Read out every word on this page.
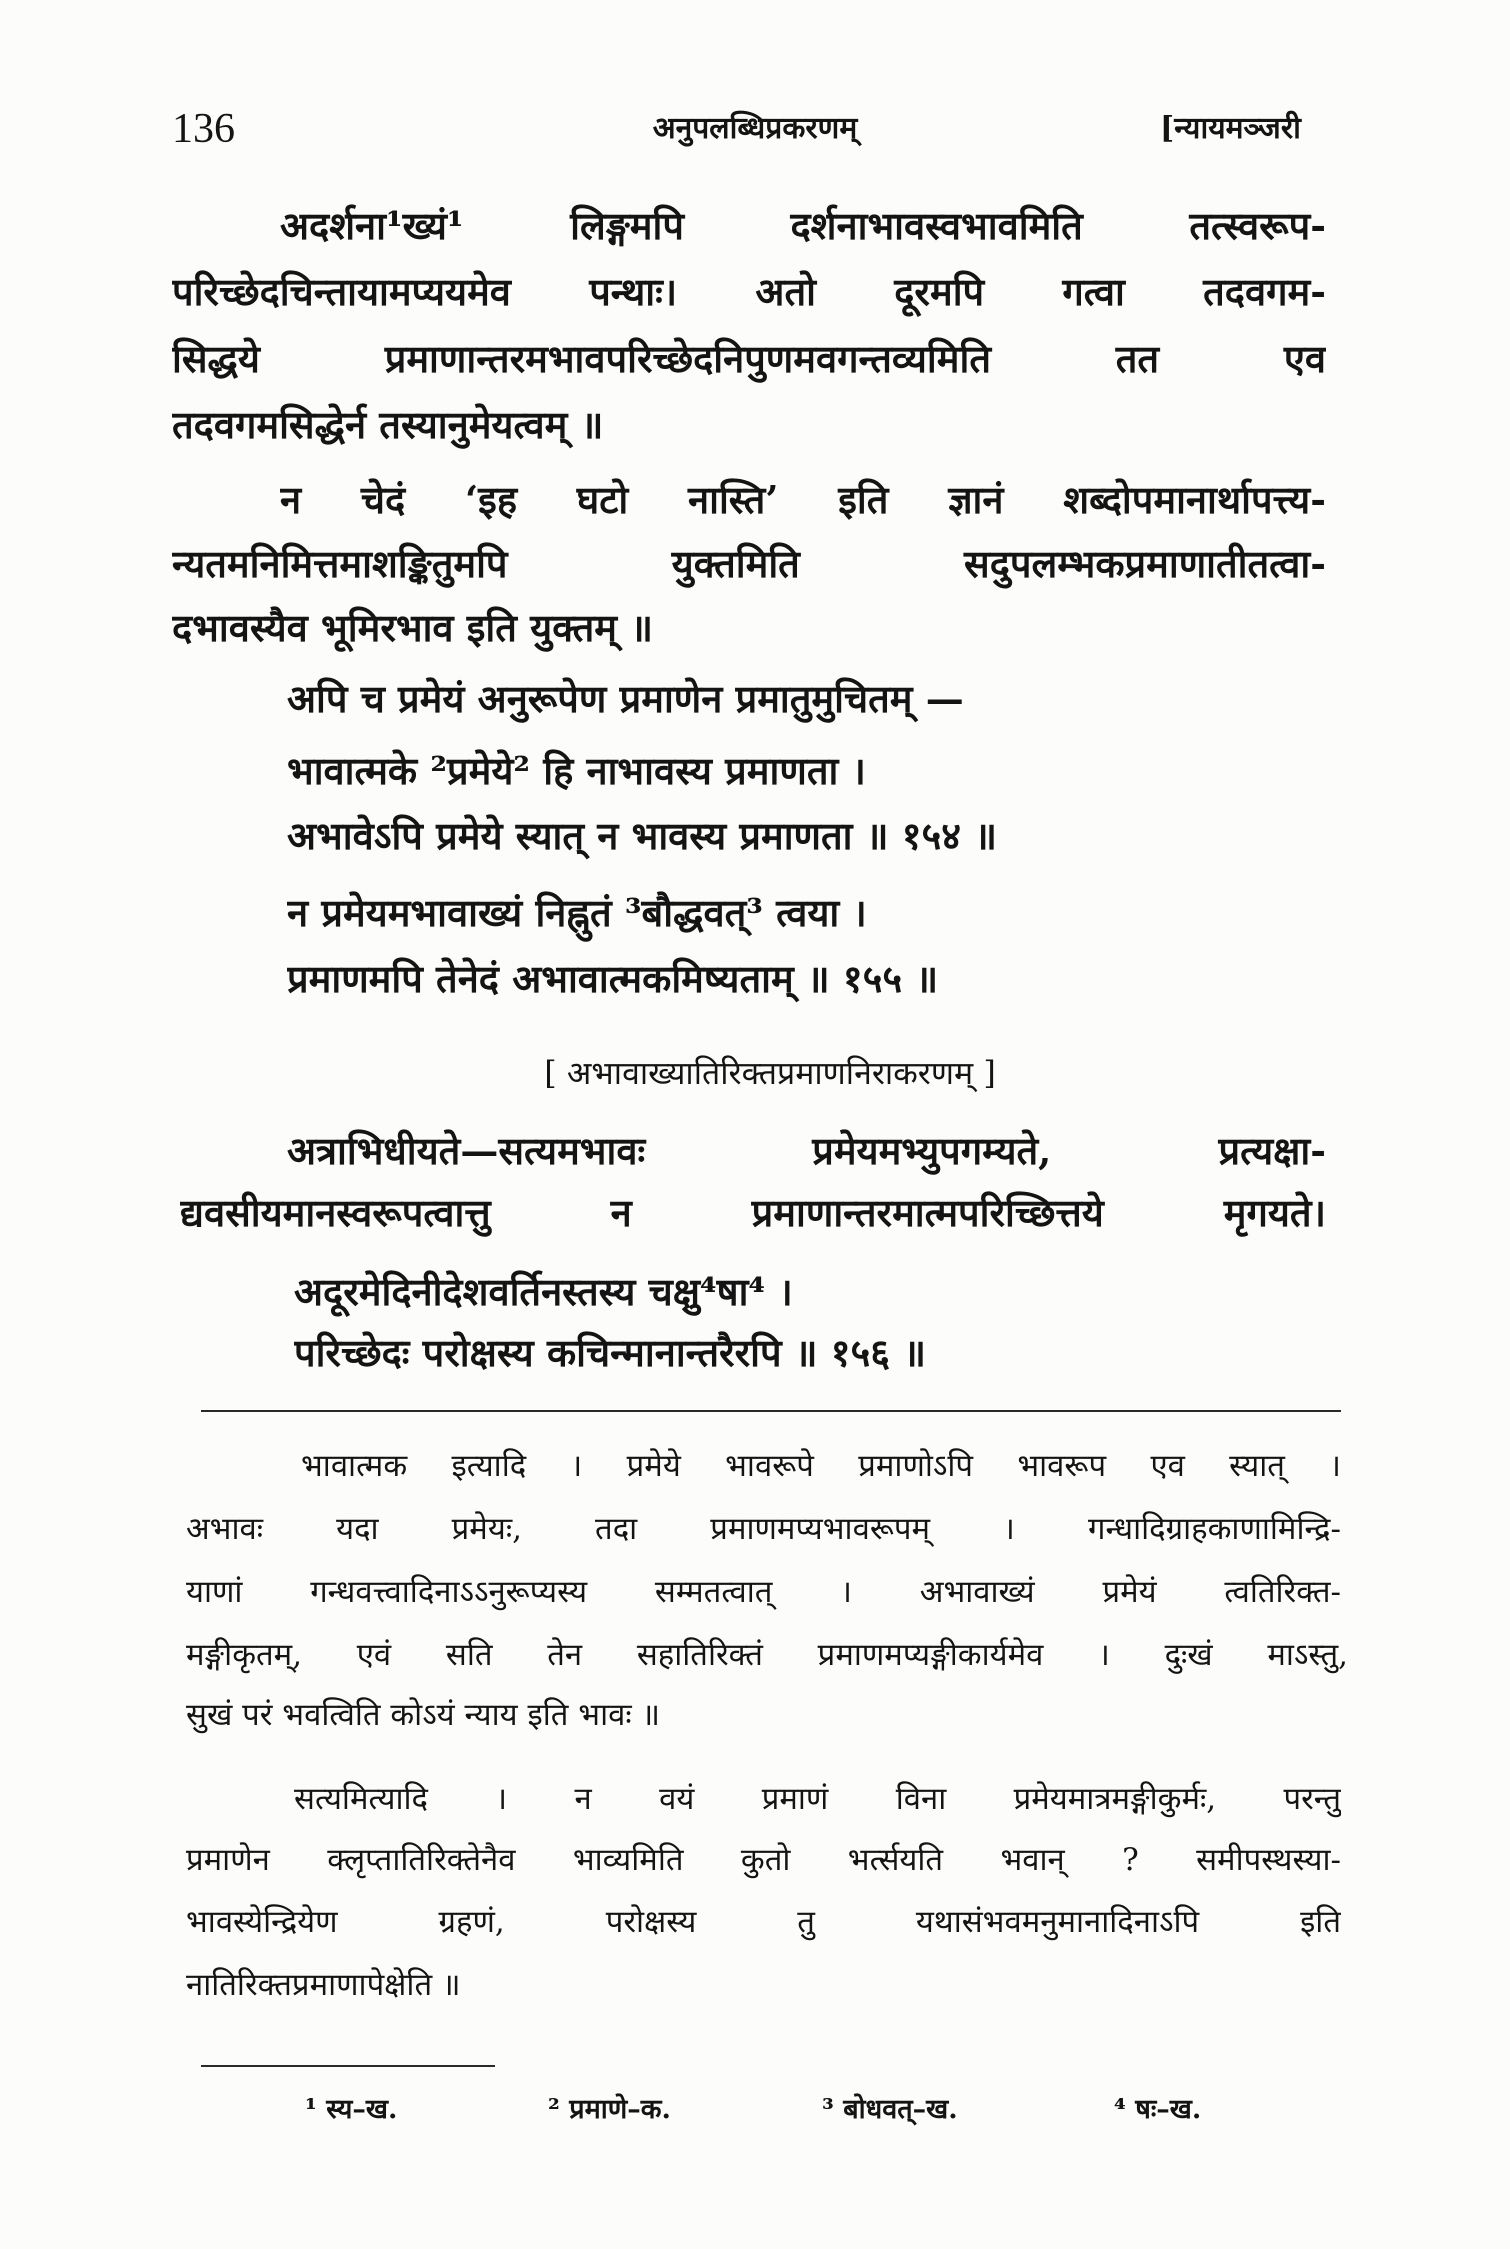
136	अनुपलब्धिप्रकरणम्	[न्यायमञ्जरी
अदर्शना¹ख्यं¹ लिङ्गमपि दर्शनाभावस्वभावमिति तत्स्वरूप-
परिच्छेदचिन्तायामप्ययमेव पन्थाः। अतो दूरमपि गत्वा तदवगम-
सिद्धये प्रमाणान्तरमभावपरिच्छेदनिपुणमवगन्तव्यमिति तत एव
तदवगमसिद्धेर्न तस्यानुमेयत्वम् ॥
न चेदं ‘इह घटो नास्ति’ इति ज्ञानं शब्दोपमानार्थापत्त्य-
न्यतमनिमित्तमाशङ्कितुमपि युक्तमिति सदुपलम्भकप्रमाणातीतत्वा-
दभावस्यैव भूमिरभाव इति युक्तम् ॥
अपि च प्रमेयं अनुरूपेण प्रमाणेन प्रमातुमुचितम् —
भावात्मके ²प्रमेये² हि नाभावस्य प्रमाणता ।
अभावेऽपि प्रमेये स्यात् न भावस्य प्रमाणता ॥ १५४ ॥
न प्रमेयमभावाख्यं निह्नुतं ³बौद्धवत्³ त्वया ।
प्रमाणमपि तेनेदं अभावात्मकमिष्यताम् ॥ १५५ ॥
[ अभावाख्यातिरिक्तप्रमाणनिराकरणम् ]
अत्राभिधीयते—सत्यमभावः प्रमेयमभ्युपगम्यते, प्रत्यक्षा-
द्यवसीयमानस्वरूपत्वात्तु न प्रमाणान्तरमात्मपरिच्छित्तये मृगयते।
अदूरमेदिनीदेशवर्तिनस्तस्य चक्षु⁴षा⁴ ।
परिच्छेदः परोक्षस्य कचिन्मानान्तरैरपि ॥ १५६ ॥
भावात्मक इत्यादि । प्रमेये भावरूपे प्रमाणोऽपि भावरूप एव स्यात् ।
अभावः यदा प्रमेयः, तदा प्रमाणमप्यभावरूपम् । गन्धादिग्राहकाणामिन्द्रि-
याणां गन्धवत्त्वादिनाऽऽनुरूप्यस्य सम्मतत्वात् । अभावाख्यं प्रमेयं त्वतिरिक्त-
मङ्गीकृतम्, एवं सति तेन सहातिरिक्तं प्रमाणमप्यङ्गीकार्यमेव । दुःखं माऽस्तु,
सुखं परं भवत्विति कोऽयं न्याय इति भावः ॥
सत्यमित्यादि । न वयं प्रमाणं विना प्रमेयमात्रमङ्गीकुर्मः, परन्तु
प्रमाणेन क्लृप्तातिरिक्तेनैव भाव्यमिति कुतो भर्त्सयति भवान् ? समीपस्थस्या-
भावस्येन्द्रियेण ग्रहणं, परोक्षस्य तु यथासंभवमनुमानादिनाऽपि इति
नातिरिक्तप्रमाणापेक्षेति ॥
¹ स्य–ख.	² प्रमाणे–क.	³ बोधवत्–ख.	⁴ षः–ख.
